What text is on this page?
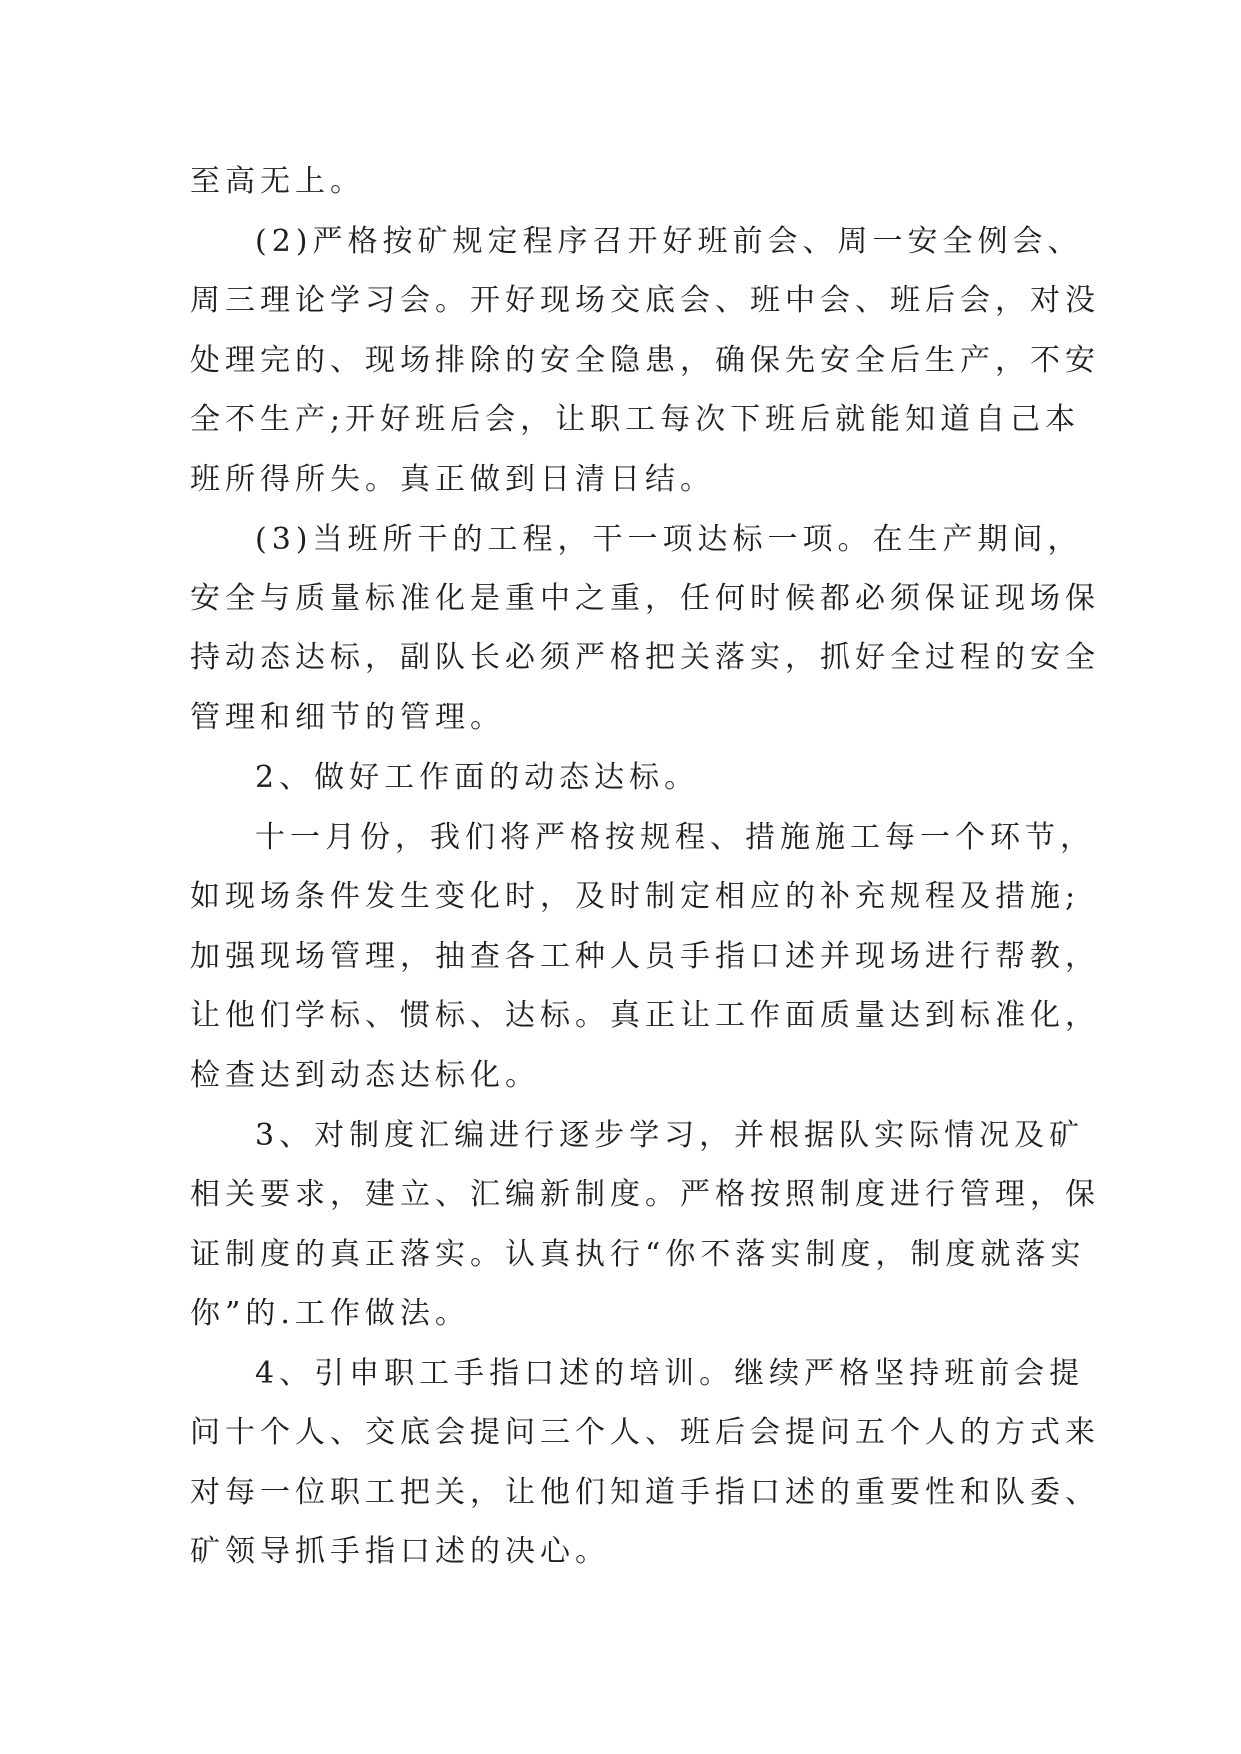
至高无上。
(2)严格按矿规定程序召开好班前会、周一安全例会、
周三理论学习会。开好现场交底会、班中会、班后会，对没
处理完的、现场排除的安全隐患，确保先安全后生产，不安
全不生产;开好班后会，让职工每次下班后就能知道自己本
班所得所失。真正做到日清日结。
(3)当班所干的工程，干一项达标一项。在生产期间，
安全与质量标准化是重中之重，任何时候都必须保证现场保
持动态达标，副队长必须严格把关落实，抓好全过程的安全
管理和细节的管理。
2、做好工作面的动态达标。
十一月份，我们将严格按规程、措施施工每一个环节，
如现场条件发生变化时，及时制定相应的补充规程及措施;
加强现场管理，抽查各工种人员手指口述并现场进行帮教，
让他们学标、惯标、达标。真正让工作面质量达到标准化，
检查达到动态达标化。
3、对制度汇编进行逐步学习，并根据队实际情况及矿
相关要求，建立、汇编新制度。严格按照制度进行管理，保
证制度的真正落实。认真执行“你不落实制度，制度就落实
你”的.工作做法。
4、引申职工手指口述的培训。继续严格坚持班前会提
问十个人、交底会提问三个人、班后会提问五个人的方式来
对每一位职工把关，让他们知道手指口述的重要性和队委、
矿领导抓手指口述的决心。
